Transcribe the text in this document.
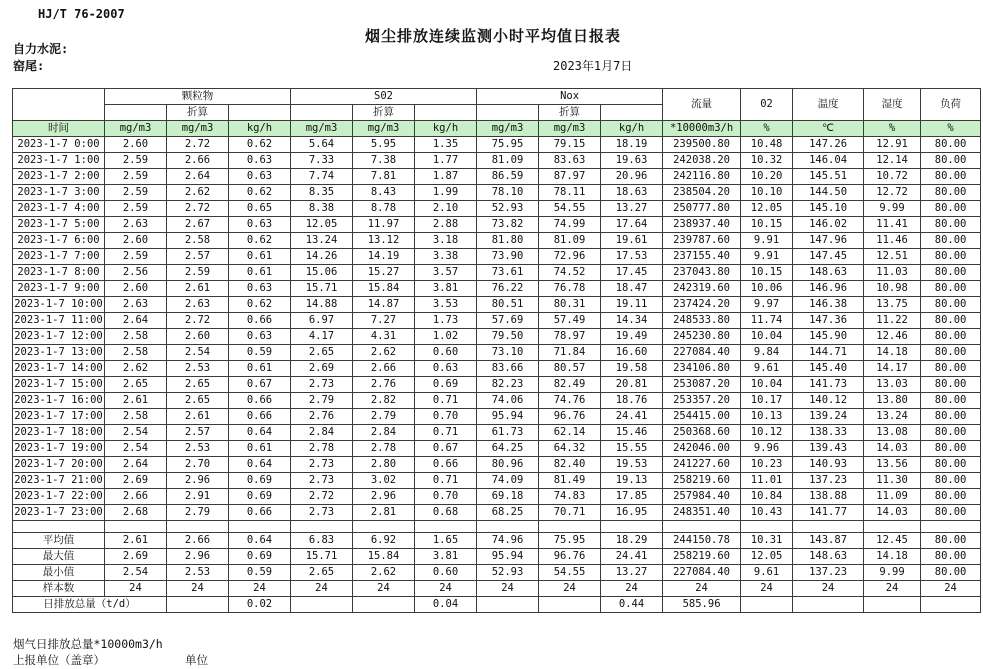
HJ/T 76-2007
烟尘排放连续监测小时平均值日报表
自力水泥:
窑尾:	2023年1月7日
	颗粒物			S02			Nox			流量	02	温度	湿度	负荷	
		折算			折算			折算							
时间	mg/m3	mg/m3	kg/h	mg/m3	mg/m3	kg/h	mg/m3	mg/m3	kg/h	*10000m3/h	%	℃	%	%	
2023-1-7 0:00	2.60	2.72	0.62	5.64	5.95	1.35	75.95	79.15	18.19	239500.80	10.48	147.26	12.91	80.00	
2023-1-7 1:00	2.59	2.66	0.63	7.33	7.38	1.77	81.09	83.63	19.63	242038.20	10.32	146.04	12.14	80.00	
2023-1-7 2:00	2.59	2.64	0.63	7.74	7.81	1.87	86.59	87.97	20.96	242116.80	10.20	145.51	10.72	80.00	
2023-1-7 3:00	2.59	2.62	0.62	8.35	8.43	1.99	78.10	78.11	18.63	238504.20	10.10	144.50	12.72	80.00	
2023-1-7 4:00	2.59	2.72	0.65	8.38	8.78	2.10	52.93	54.55	13.27	250777.80	12.05	145.10	9.99	80.00	
2023-1-7 5:00	2.63	2.67	0.63	12.05	11.97	2.88	73.82	74.99	17.64	238937.40	10.15	146.02	11.41	80.00	
2023-1-7 6:00	2.60	2.58	0.62	13.24	13.12	3.18	81.80	81.09	19.61	239787.60	9.91	147.96	11.46	80.00	
2023-1-7 7:00	2.59	2.57	0.61	14.26	14.19	3.38	73.90	72.96	17.53	237155.40	9.91	147.45	12.51	80.00	
2023-1-7 8:00	2.56	2.59	0.61	15.06	15.27	3.57	73.61	74.52	17.45	237043.80	10.15	148.63	11.03	80.00	
2023-1-7 9:00	2.60	2.61	0.63	15.71	15.84	3.81	76.22	76.78	18.47	242319.60	10.06	146.96	10.98	80.00	
2023-1-7 10:00	2.63	2.63	0.62	14.88	14.87	3.53	80.51	80.31	19.11	237424.20	9.97	146.38	13.75	80.00	
2023-1-7 11:00	2.64	2.72	0.66	6.97	7.27	1.73	57.69	57.49	14.34	248533.80	11.74	147.36	11.22	80.00	
2023-1-7 12:00	2.58	2.60	0.63	4.17	4.31	1.02	79.50	78.97	19.49	245230.80	10.04	145.90	12.46	80.00	
2023-1-7 13:00	2.58	2.54	0.59	2.65	2.62	0.60	73.10	71.84	16.60	227084.40	9.84	144.71	14.18	80.00	
2023-1-7 14:00	2.62	2.53	0.61	2.69	2.66	0.63	83.66	80.57	19.58	234106.80	9.61	145.40	14.17	80.00	
2023-1-7 15:00	2.65	2.65	0.67	2.73	2.76	0.69	82.23	82.49	20.81	253087.20	10.04	141.73	13.03	80.00	
2023-1-7 16:00	2.61	2.65	0.66	2.79	2.82	0.71	74.06	74.76	18.76	253357.20	10.17	140.12	13.80	80.00	
2023-1-7 17:00	2.58	2.61	0.66	2.76	2.79	0.70	95.94	96.76	24.41	254415.00	10.13	139.24	13.24	80.00	
2023-1-7 18:00	2.54	2.57	0.64	2.84	2.84	0.71	61.73	62.14	15.46	250368.60	10.12	138.33	13.08	80.00	
2023-1-7 19:00	2.54	2.53	0.61	2.78	2.78	0.67	64.25	64.32	15.55	242046.00	9.96	139.43	14.03	80.00	
2023-1-7 20:00	2.64	2.70	0.64	2.73	2.80	0.66	80.96	82.40	19.53	241227.60	10.23	140.93	13.56	80.00	
2023-1-7 21:00	2.69	2.96	0.69	2.73	3.02	0.71	74.09	81.49	19.13	258219.60	11.01	137.23	11.30	80.00	
2023-1-7 22:00	2.66	2.91	0.69	2.72	2.96	0.70	69.18	74.83	17.85	257984.40	10.84	138.88	11.09	80.00	
2023-1-7 23:00	2.68	2.79	0.66	2.73	2.81	0.68	68.25	70.71	16.95	248351.40	10.43	141.77	14.03	80.00	

平均值	2.61	2.66	0.64	6.83	6.92	1.65	74.96	75.95	18.29	244150.78	10.31	143.87	12.45	80.00	
最大值	2.69	2.96	0.69	15.71	15.84	3.81	95.94	96.76	24.41	258219.60	12.05	148.63	14.18	80.00	
最小值	2.54	2.53	0.59	2.65	2.62	0.60	52.93	54.55	13.27	227084.40	9.61	137.23	9.99	80.00	
样本数	24	24	24	24	24	24	24	24	24	24	24	24	24	24	
日排放总量（t/d）			0.02			0.04			0.44	585.96					
烟气日排放总量*10000m3/h
上报单位（盖章）	单位
